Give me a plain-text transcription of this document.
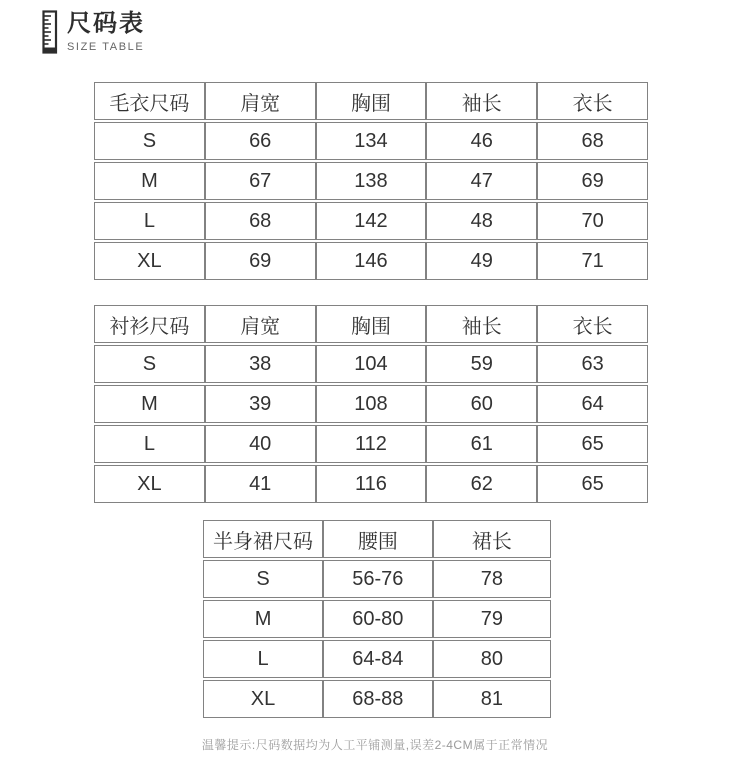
尺码表
SIZE TABLE
毛衣尺码	肩宽	胸围	袖长	衣长
S	66	134	46	68
M	67	138	47	69
L	68	142	48	70
XL	69	146	49	71
衬衫尺码	肩宽	胸围	袖长	衣长
S	38	104	59	63
M	39	108	60	64
L	40	112	61	65
XL	41	116	62	65
半身裙尺码	腰围	裙长
S	56-76	78
M	60-80	79
L	64-84	80
XL	68-88	81
温馨提示:尺码数据均为人工平铺测量,误差2-4CM属于正常情况
